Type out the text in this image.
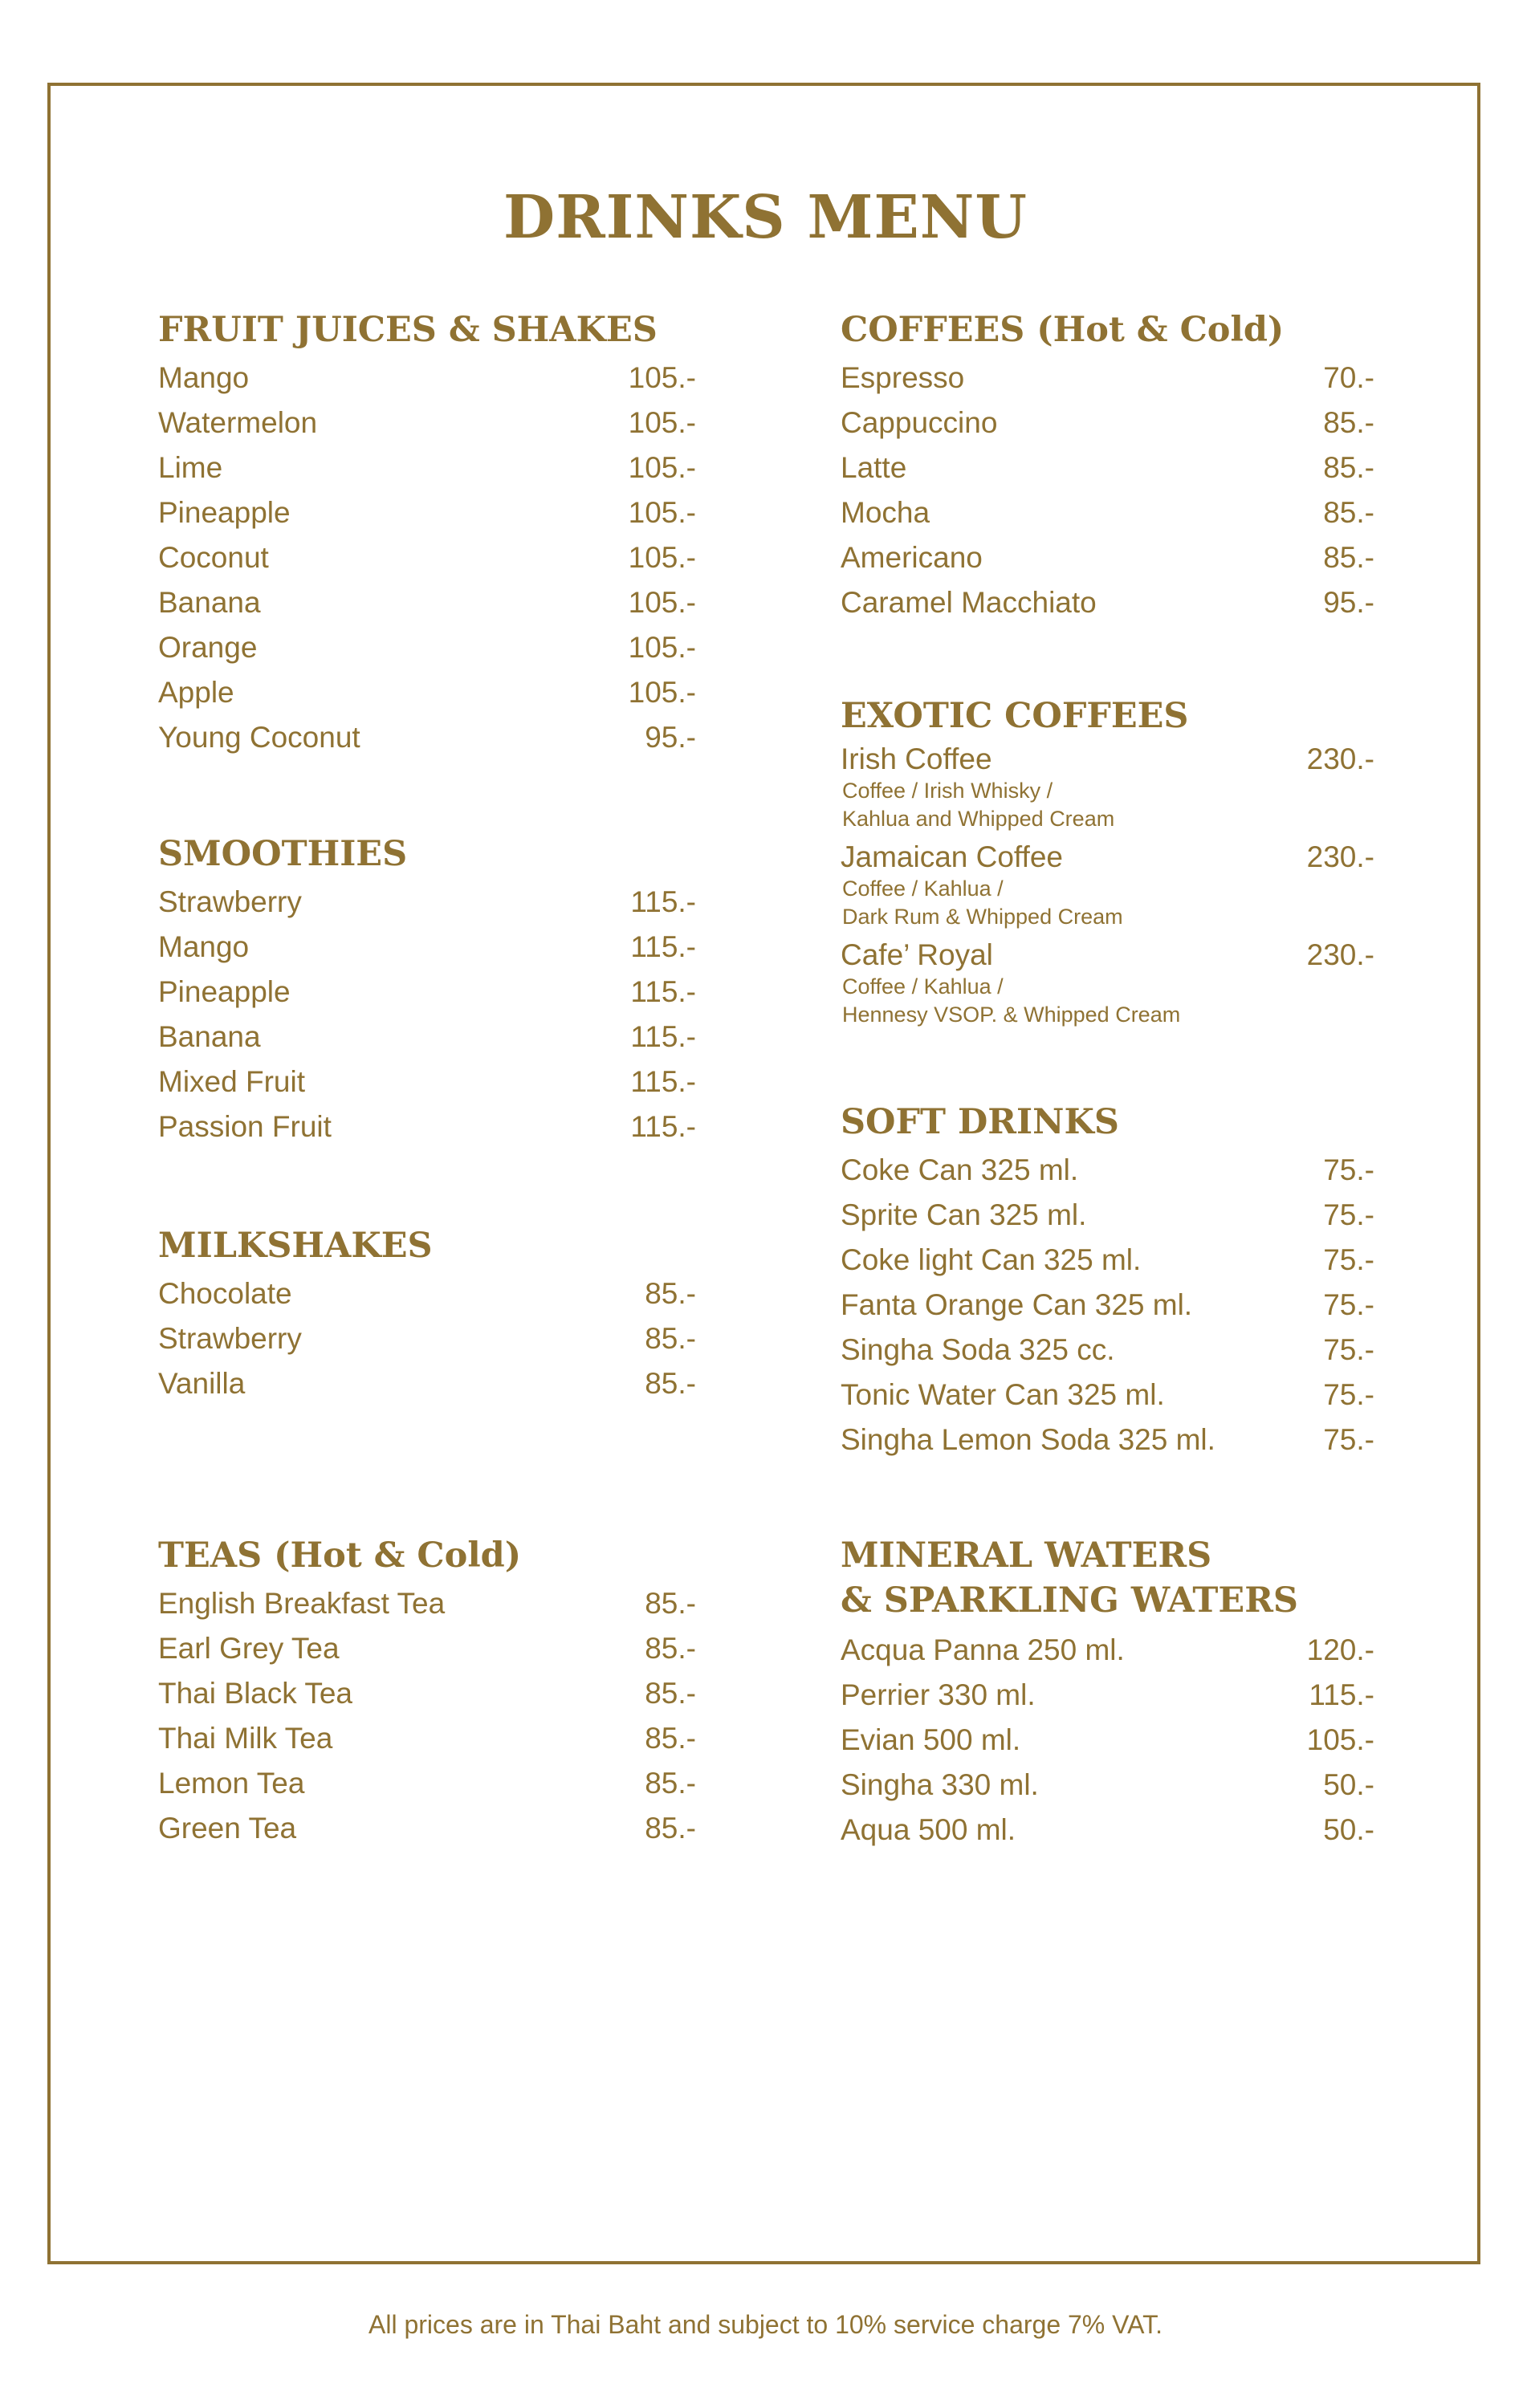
DRINKS MENU
FRUIT JUICES & SHAKES
Mango	105.-
Watermelon	105.-
Lime	105.-
Pineapple	105.-
Coconut	105.-
Banana	105.-
Orange	105.-
Apple	105.-
Young Coconut	95.-
SMOOTHIES
Strawberry	115.-
Mango	115.-
Pineapple	115.-
Banana	115.-
Mixed Fruit	115.-
Passion Fruit	115.-
MILKSHAKES
Chocolate	85.-
Strawberry	85.-
Vanilla	85.-
TEAS (Hot & Cold)
English Breakfast Tea	85.-
Earl Grey Tea	85.-
Thai Black Tea	85.-
Thai Milk Tea	85.-
Lemon Tea	85.-
Green Tea	85.-
COFFEES (Hot & Cold)
Espresso	70.-
Cappuccino	85.-
Latte	85.-
Mocha	85.-
Americano	85.-
Caramel Macchiato	95.-
EXOTIC COFFEES
Irish Coffee	230.-
Coffee / Irish Whisky /
Kahlua and Whipped Cream
Jamaican Coffee	230.-
Coffee / Kahlua /
Dark Rum & Whipped Cream
Cafe’ Royal	230.-
Coffee / Kahlua /
Hennesy VSOP. & Whipped Cream
SOFT DRINKS
Coke Can 325 ml.	75.-
Sprite Can 325 ml.	75.-
Coke light Can 325 ml.	75.-
Fanta Orange Can 325 ml.	75.-
Singha Soda 325 cc.	75.-
Tonic Water Can 325 ml.	75.-
Singha Lemon Soda 325 ml.	75.-
MINERAL WATERS
& SPARKLING WATERS
Acqua Panna 250 ml.	120.-
Perrier 330 ml.	115.-
Evian 500 ml.	105.-
Singha 330 ml.	50.-
Aqua 500 ml.	50.-
All prices are in Thai Baht and subject to 10% service charge 7% VAT.
